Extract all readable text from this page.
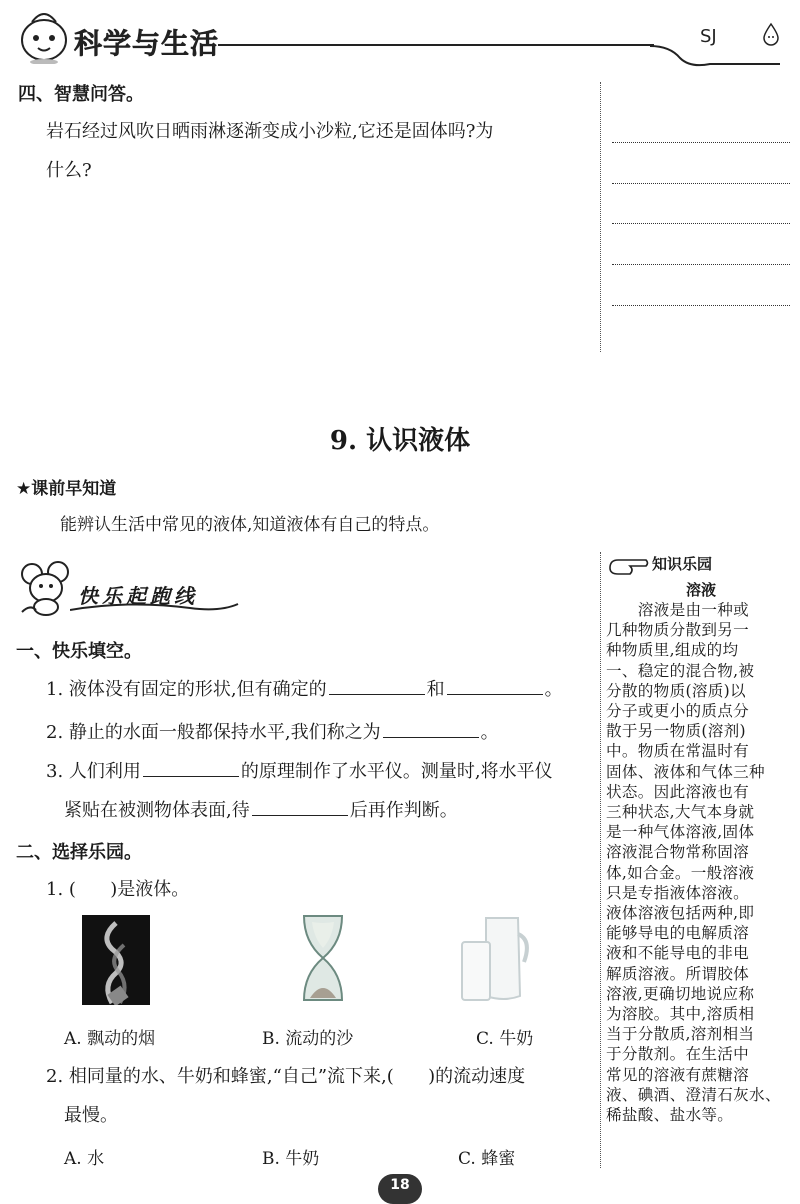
科学与生活	SJ
四、智慧问答。
岩石经过风吹日晒雨淋逐渐变成小沙粒,它还是固体吗?为
什么?
9. 认识液体
★课前早知道
能辨认生活中常见的液体,知道液体有自己的特点。
快乐起跑线
一、快乐填空。
1. 液体没有固定的形状,但有确定的	和	。
2. 静止的水面一般都保持水平,我们称之为	。
3. 人们利用	的原理制作了水平仪。测量时,将水平仪
紧贴在被测物体表面,待	后再作判断。
二、选择乐园。
1. (      )是液体。
A. 飘动的烟	B. 流动的沙	C. 牛奶
2. 相同量的水、牛奶和蜂蜜,“自己”流下来,(      )的流动速度
最慢。
A. 水	B. 牛奶	C. 蜂蜜
知识乐园
溶液
　　溶液是由一种或
几种物质分散到另一
种物质里,组成的均
一、稳定的混合物,被
分散的物质(溶质)以
分子或更小的质点分
散于另一物质(溶剂)
中。物质在常温时有
固体、液体和气体三种
状态。因此溶液也有
三种状态,大气本身就
是一种气体溶液,固体
溶液混合物常称固溶
体,如合金。一般溶液
只是专指液体溶液。
液体溶液包括两种,即
能够导电的电解质溶
液和不能导电的非电
解质溶液。所谓胶体
溶液,更确切地说应称
为溶胶。其中,溶质相
当于分散质,溶剂相当
于分散剂。在生活中
常见的溶液有蔗糖溶
液、碘酒、澄清石灰水、
稀盐酸、盐水等。
18
